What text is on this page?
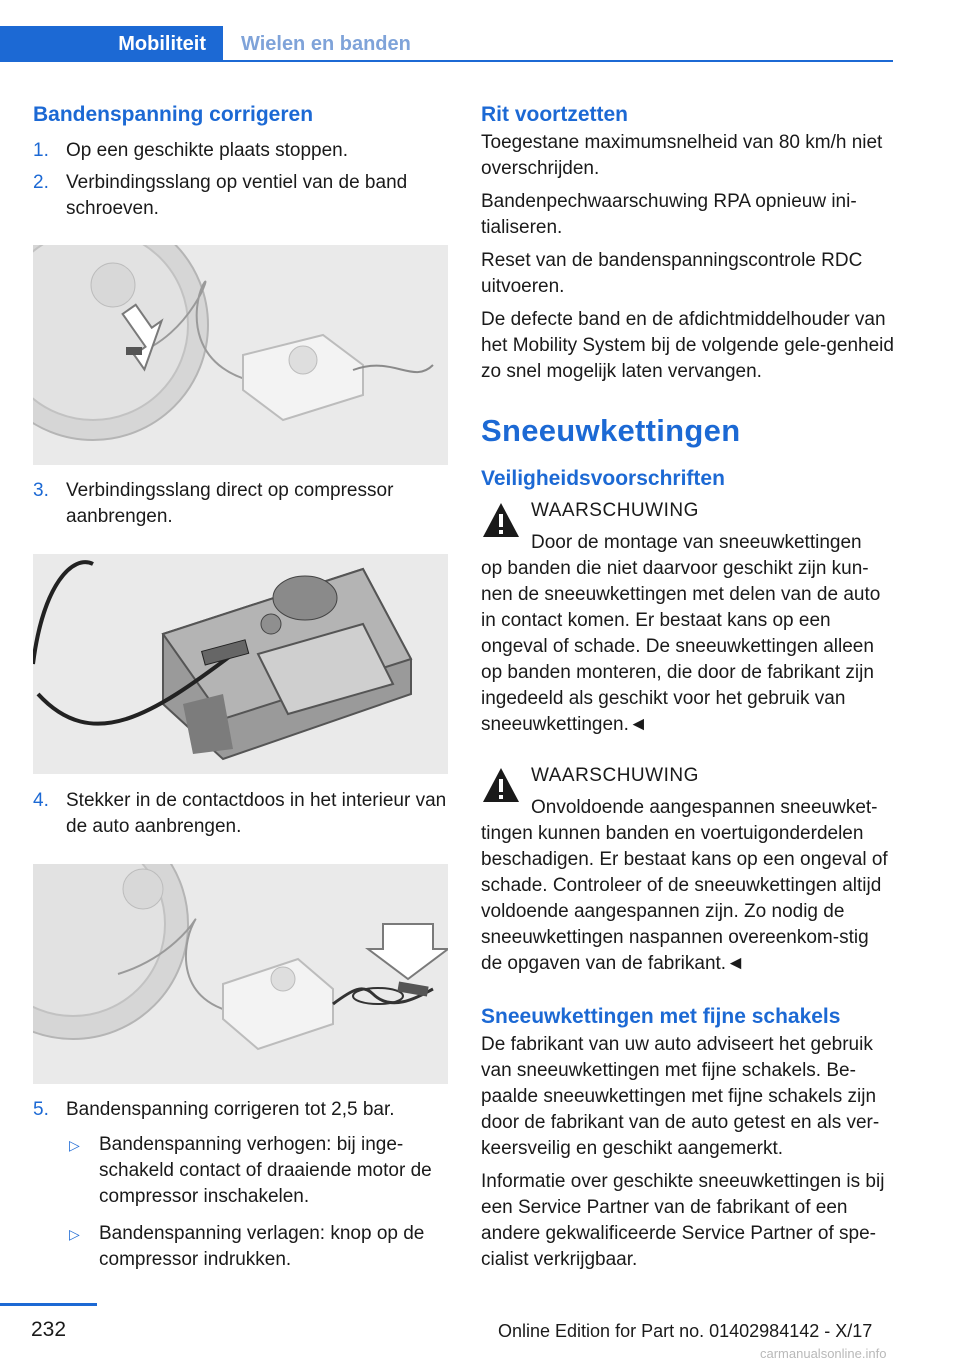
Mobiliteit	Wielen en banden
Bandenspanning corrigeren
1. Op een geschikte plaats stoppen.
2. Verbindingsslang op ventiel van de band schroeven.
3. Verbindingsslang direct op compressor aanbrengen.
4. Stekker in de contactdoos in het interieur van de auto aanbrengen.
5. Bandenspanning corrigeren tot 2,5 bar.
▷ Bandenspanning verhogen: bij inge‐schakeld contact of draaiende motor de compressor inschakelen.
▷ Bandenspanning verlagen: knop op de compressor indrukken.
Rit voortzetten

Toegestane maximumsnelheid van 80 km/h niet overschrijden.

Bandenpechwaarschuwing RPA opnieuw ini‐tialiseren.

Reset van de bandenspanningscontrole RDC uitvoeren.

De defecte band en de afdichtmiddelhouder van het Mobility System bij de volgende gele‐genheid zo snel mogelijk laten vervangen.

Sneeuwkettingen
Veiligheidsvoorschriften
WAARSCHUWING

Door de montage van sneeuwkettingen

op banden die niet daarvoor geschikt zijn kun‐nen de sneeuwkettingen met delen van de auto in contact komen. Er bestaat kans op een ongeval of schade. De sneeuwkettingen alleen op banden monteren, die door de fabrikant zijn ingedeeld als geschikt voor het gebruik van sneeuwkettingen.◄

WAARSCHUWING

Onvoldoende aangespannen sneeuwket‐

tingen kunnen banden en voertuigonderdelen beschadigen. Er bestaat kans op een ongeval of schade. Controleer of de sneeuwkettingen altijd voldoende aangespannen zijn. Zo nodig de sneeuwkettingen naspannen overeenkom‐stig de opgaven van de fabrikant.◄

Sneeuwkettingen met fijne schakels

De fabrikant van uw auto adviseert het gebruik van sneeuwkettingen met fijne schakels. Be‐paalde sneeuwkettingen met fijne schakels zijn door de fabrikant van de auto getest en als ver‐keersveilig en geschikt aangemerkt.

Informatie over geschikte sneeuwkettingen is bij een Service Partner van de fabrikant of een andere gekwalificeerde Service Partner of spe‐cialist verkrijgbaar.

232	Online Edition for Part no. 01402984142 - X/17
carmanualsonline.info
